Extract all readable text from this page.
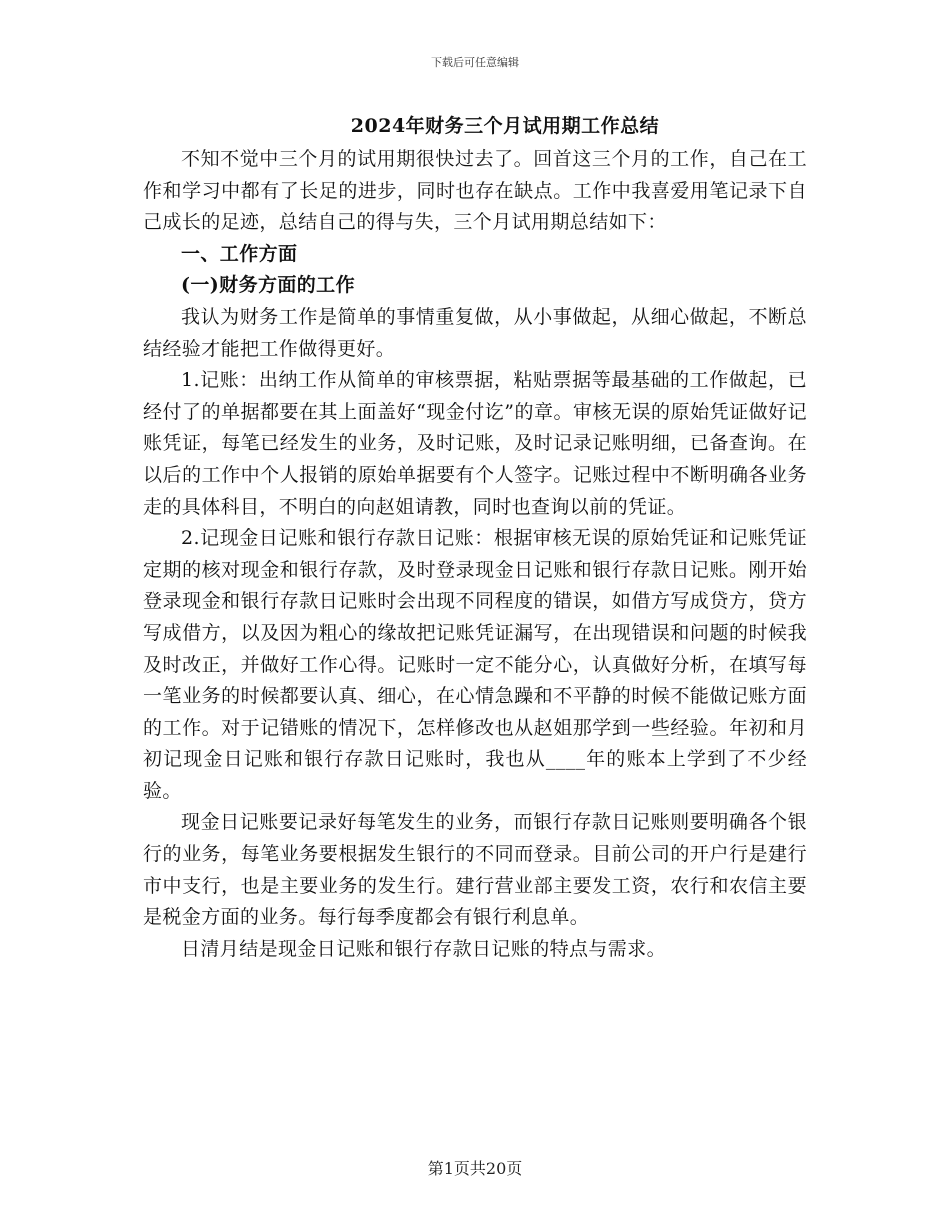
下载后可任意编辑
2024年财务三个月试用期工作总结

不知不觉中三个月的试用期很快过去了。回首这三个月的工作，自己在工作和学习中都有了长足的进步，同时也存在缺点。工作中我喜爱用笔记录下自己成长的足迹，总结自己的得与失，三个月试用期总结如下：

一、工作方面

(一)财务方面的工作

我认为财务工作是简单的事情重复做，从小事做起，从细心做起，不断总结经验才能把工作做得更好。

1.记账：出纳工作从简单的审核票据，粘贴票据等最基础的工作做起，已经付了的单据都要在其上面盖好“现金付讫”的章。审核无误的原始凭证做好记账凭证，每笔已经发生的业务，及时记账，及时记录记账明细，已备查询。在以后的工作中个人报销的原始单据要有个人签字。记账过程中不断明确各业务走的具体科目，不明白的向赵姐请教，同时也查询以前的凭证。

2.记现金日记账和银行存款日记账：根据审核无误的原始凭证和记账凭证定期的核对现金和银行存款，及时登录现金日记账和银行存款日记账。刚开始登录现金和银行存款日记账时会出现不同程度的错误，如借方写成贷方，贷方写成借方，以及因为粗心的缘故把记账凭证漏写，在出现错误和问题的时候我及时改正，并做好工作心得。记账时一定不能分心，认真做好分析，在填写每一笔业务的时候都要认真、细心，在心情急躁和不平静的时候不能做记账方面的工作。对于记错账的情况下，怎样修改也从赵姐那学到一些经验。年初和月初记现金日记账和银行存款日记账时，我也从____年的账本上学到了不少经验。

现金日记账要记录好每笔发生的业务，而银行存款日记账则要明确各个银行的业务，每笔业务要根据发生银行的不同而登录。目前公司的开户行是建行市中支行，也是主要业务的发生行。建行营业部主要发工资，农行和农信主要是税金方面的业务。每行每季度都会有银行利息单。

日清月结是现金日记账和银行存款日记账的特点与需求。

第1页共20页
